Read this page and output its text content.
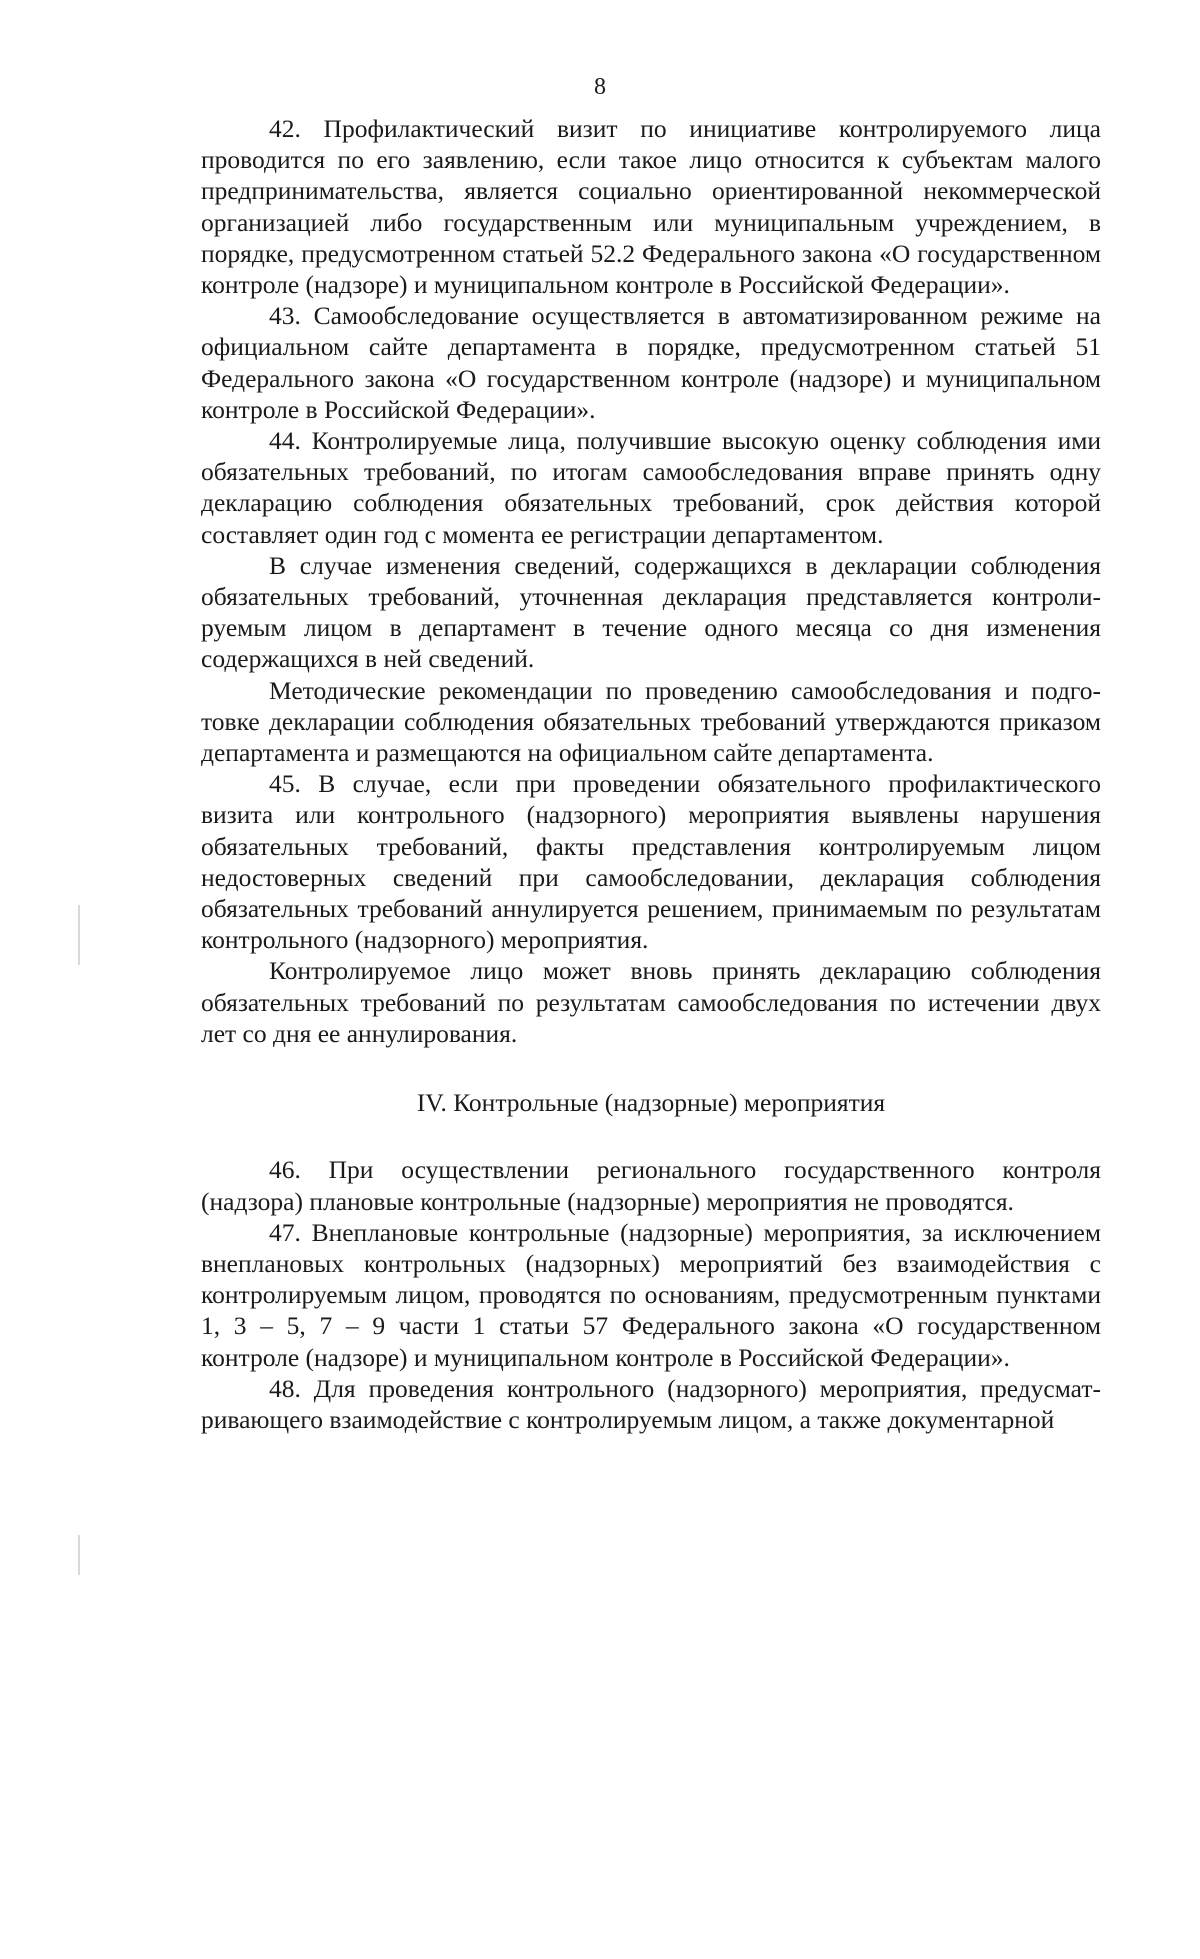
8

42. Профилактический визит по инициативе контролируемого лица проводится по его заявлению, если такое лицо относится к субъектам малого предпринимательства, является социально ориентированной некоммерческой организацией либо государственным или муниципальным учреждением, в порядке, предусмотренном статьей 52.2 Федерального закона «О государственном контроле (надзоре) и муниципальном контроле в Российской Федерации».

43. Самообследование осуществляется в автоматизированном режиме на официальном сайте департамента в порядке, предусмотренном статьей 51 Федерального закона «О государственном контроле (надзоре) и муниципальном контроле в Российской Федерации».

44. Контролируемые лица, получившие высокую оценку соблюдения ими обязательных требований, по итогам самообследования вправе принять одну декларацию соблюдения обязательных требований, срок действия которой составляет один год с момента ее регистрации департаментом.

В случае изменения сведений, содержащихся в декларации соблюдения обязательных требований, уточненная декларация представляется контролируемым лицом в департамент в течение одного месяца со дня изменения содержащихся в ней сведений.

Методические рекомендации по проведению самообследования и подготовке декларации соблюдения обязательных требований утверждаются приказом департамента и размещаются на официальном сайте департамента.

45. В случае, если при проведении обязательного профилактического визита или контрольного (надзорного) мероприятия выявлены нарушения обязательных требований, факты представления контролируемым лицом недостоверных сведений при самообследовании, декларация соблюдения обязательных требований аннулируется решением, принимаемым по результатам контрольного (надзорного) мероприятия.

Контролируемое лицо может вновь принять декларацию соблюдения обязательных требований по результатам самообследования по истечении двух лет со дня ее аннулирования.

IV. Контрольные (надзорные) мероприятия

46. При осуществлении регионального государственного контроля (надзора) плановые контрольные (надзорные) мероприятия не проводятся.

47. Внеплановые контрольные (надзорные) мероприятия, за исключением внеплановых контрольных (надзорных) мероприятий без взаимодействия с контролируемым лицом, проводятся по основаниям, предусмотренным пунктами 1, 3 – 5, 7 – 9 части 1 статьи 57 Федерального закона «О государственном контроле (надзоре) и муниципальном контроле в Российской Федерации».

48. Для проведения контрольного (надзорного) мероприятия, предусматривающего взаимодействие с контролируемым лицом, а также документарной
